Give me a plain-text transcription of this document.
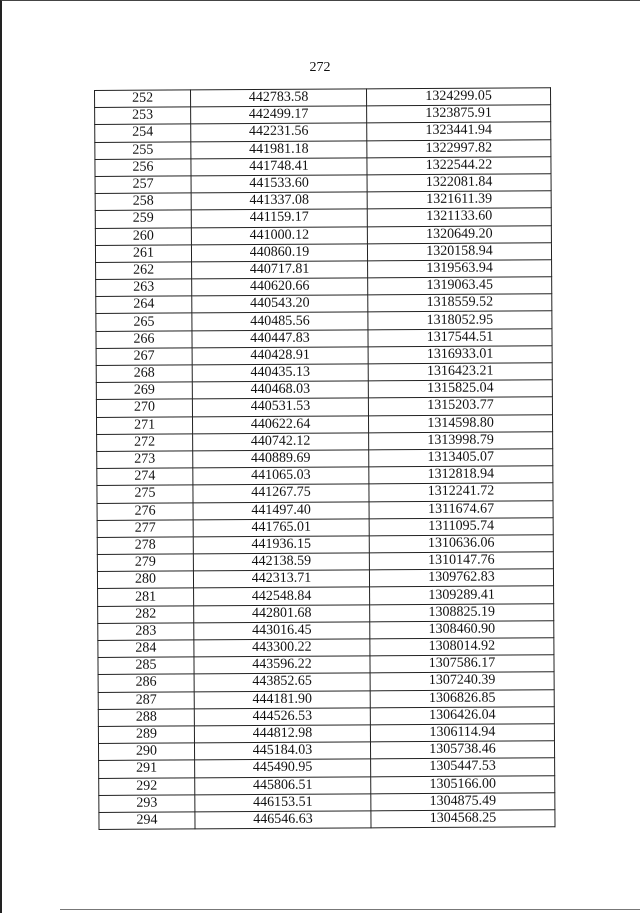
272
252	442783.58	1324299.05
253	442499.17	1323875.91
254	442231.56	1323441.94
255	441981.18	1322997.82
256	441748.41	1322544.22
257	441533.60	1322081.84
258	441337.08	1321611.39
259	441159.17	1321133.60
260	441000.12	1320649.20
261	440860.19	1320158.94
262	440717.81	1319563.94
263	440620.66	1319063.45
264	440543.20	1318559.52
265	440485.56	1318052.95
266	440447.83	1317544.51
267	440428.91	1316933.01
268	440435.13	1316423.21
269	440468.03	1315825.04
270	440531.53	1315203.77
271	440622.64	1314598.80
272	440742.12	1313998.79
273	440889.69	1313405.07
274	441065.03	1312818.94
275	441267.75	1312241.72
276	441497.40	1311674.67
277	441765.01	1311095.74
278	441936.15	1310636.06
279	442138.59	1310147.76
280	442313.71	1309762.83
281	442548.84	1309289.41
282	442801.68	1308825.19
283	443016.45	1308460.90
284	443300.22	1308014.92
285	443596.22	1307586.17
286	443852.65	1307240.39
287	444181.90	1306826.85
288	444526.53	1306426.04
289	444812.98	1306114.94
290	445184.03	1305738.46
291	445490.95	1305447.53
292	445806.51	1305166.00
293	446153.51	1304875.49
294	446546.63	1304568.25
